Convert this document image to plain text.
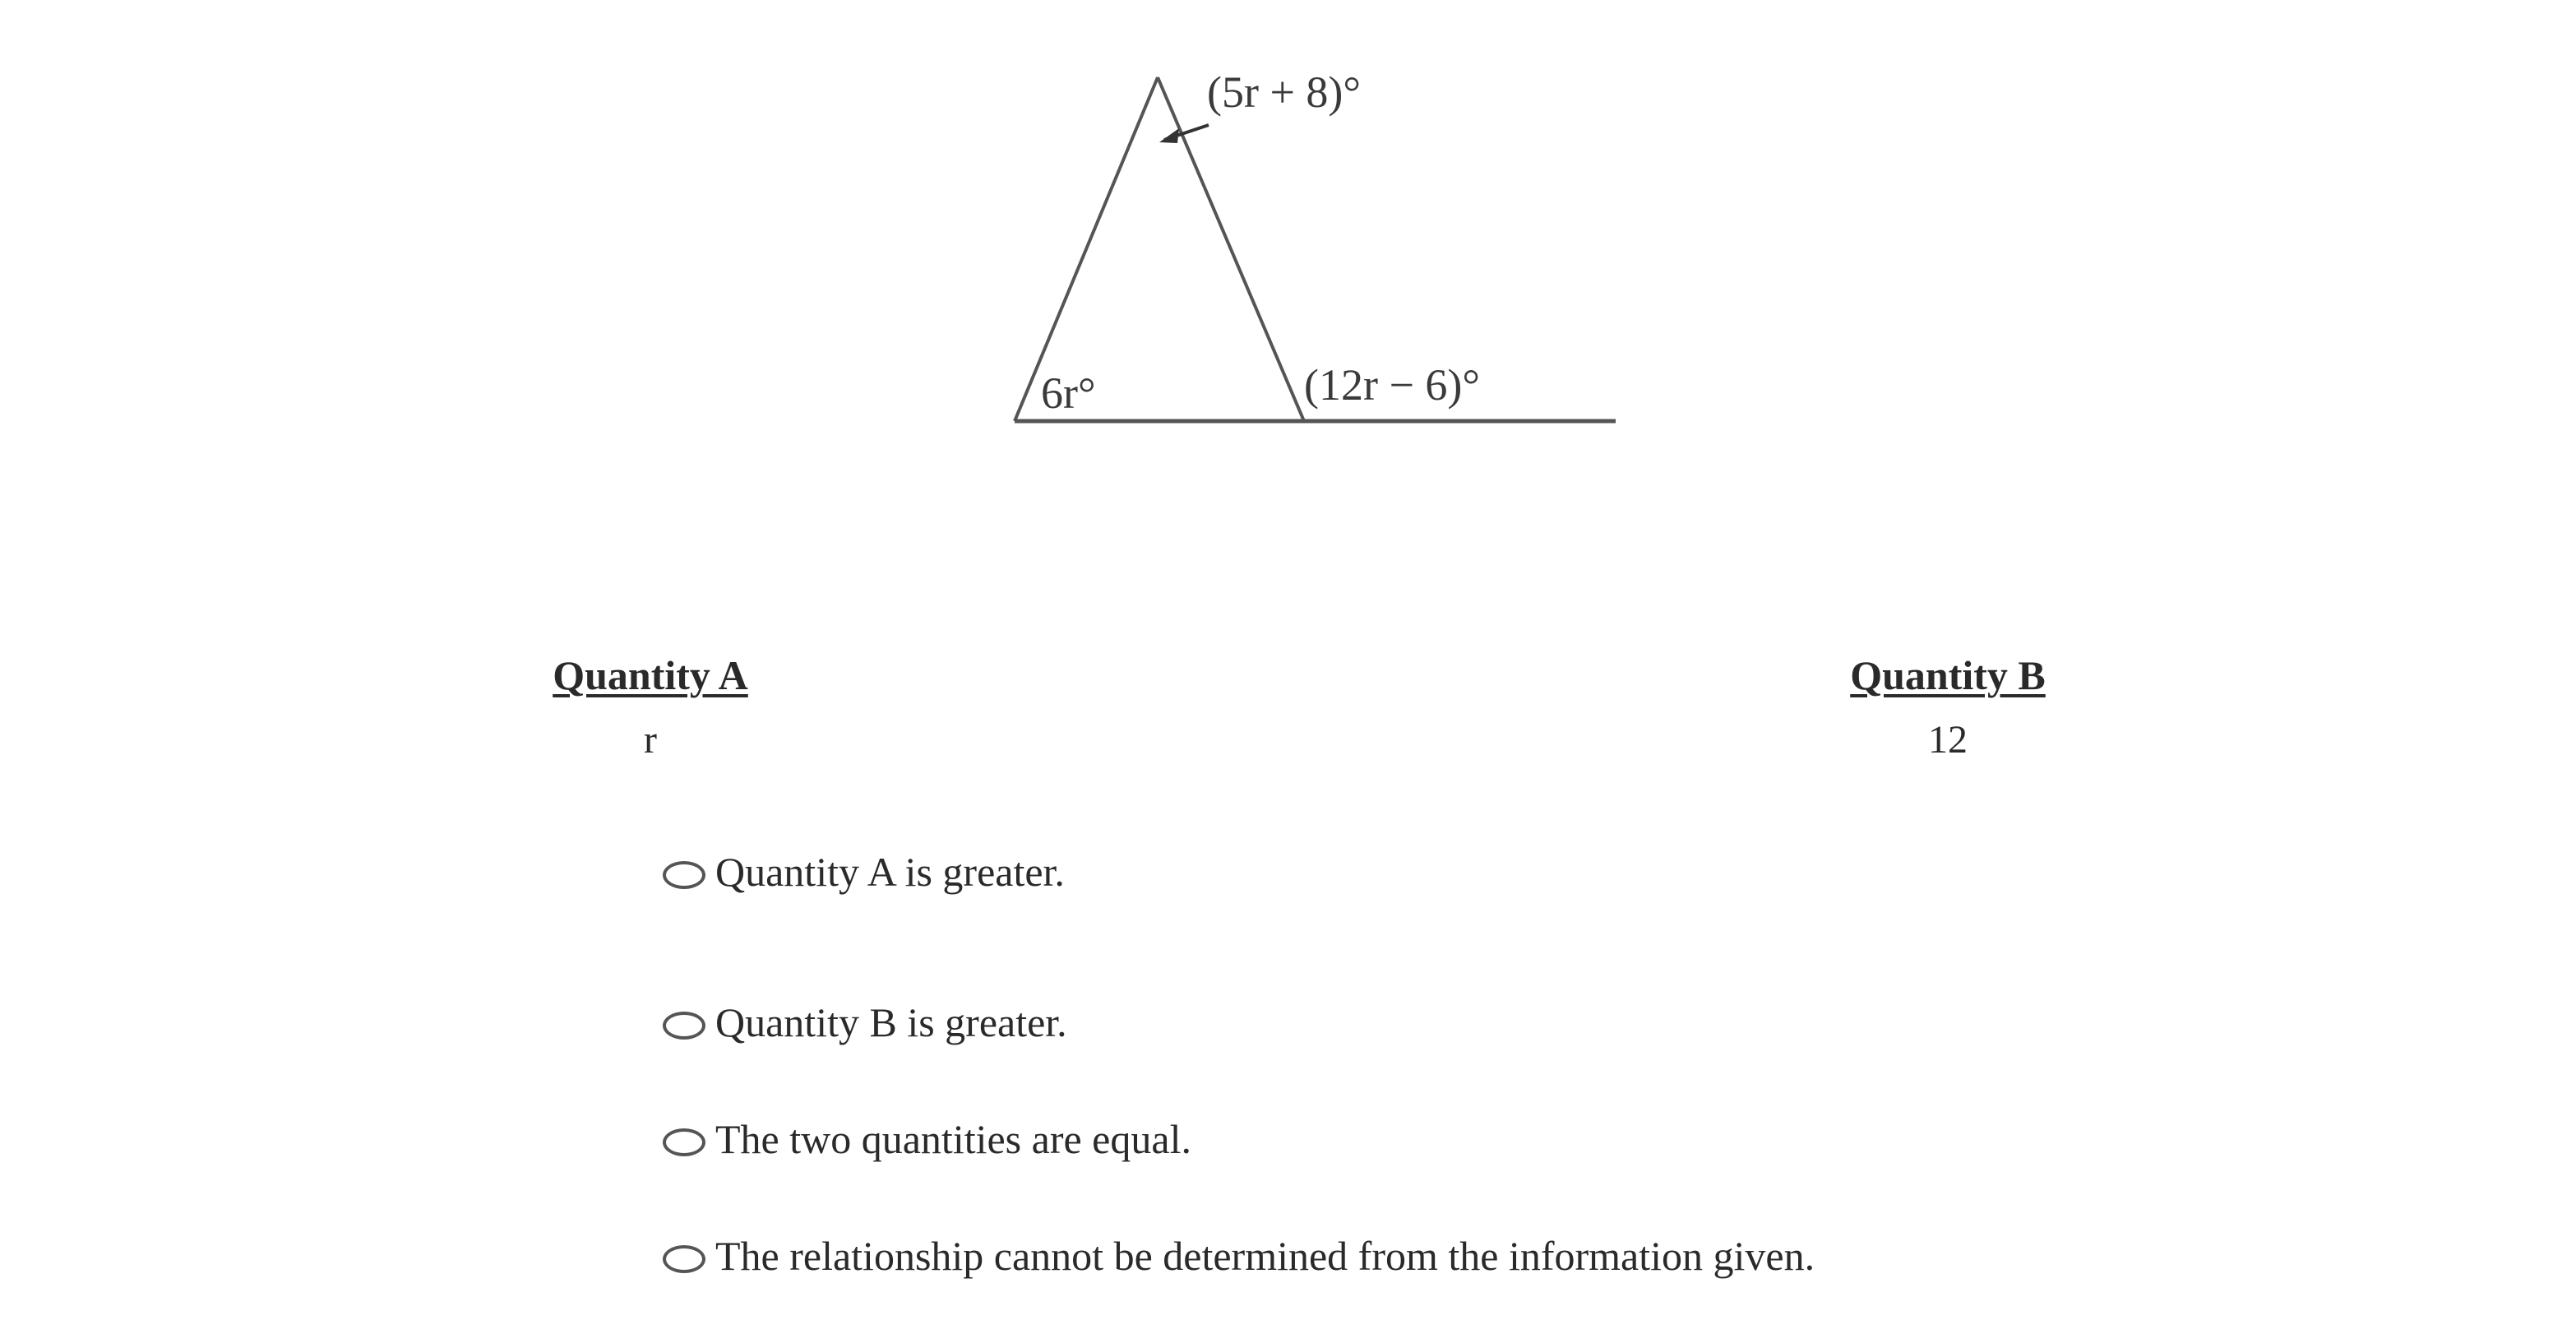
(5r + 8)°
6r°	(12r − 6)°
Quantity A
r
Quantity B
12
Quantity A is greater.
Quantity B is greater.
The two quantities are equal.
The relationship cannot be determined from the information given.
